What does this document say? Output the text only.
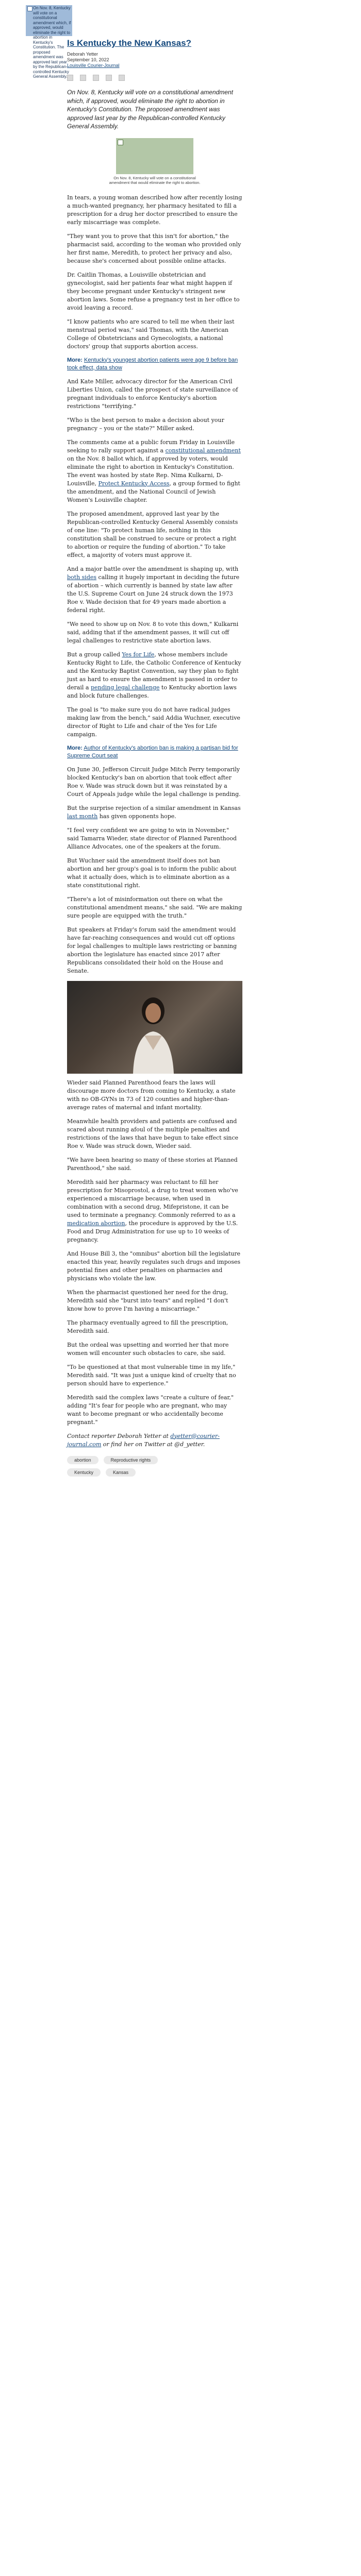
On Nov. 8, Kentucky will vote on a constitutional amendment which, if approved, would eliminate the right to abortion in Kentucky's Constitution. The proposed amendment was approved last year by the Republican-controlled Kentucky General Assembly.
Is Kentucky the New Kansas?
Deborah Yetter
September 10, 2022
Louisville Courier-Journal
On Nov. 8, Kentucky will vote on a constitutional amendment which, if approved, would eliminate the right to abortion in Kentucky's Constitution. The proposed amendment was approved last year by the Republican-controlled Kentucky General Assembly.
On Nov. 8, Kentucky will vote on a constitutional amendment that would eliminate the right to abortion.

In tears, a young woman described how after recently losing a much-wanted pregnancy, her pharmacy hesitated to fill a prescription for a drug her doctor prescribed to ensure the early miscarriage was complete.

"They want you to prove that this isn't for abortion," the pharmacist said, according to the woman who provided only her first name, Meredith, to protect her privacy and also, because she's concerned about possible online attacks.

Dr. Caitlin Thomas, a Louisville obstetrician and gynecologist, said her patients fear what might happen if they become pregnant under Kentucky's stringent new abortion laws. Some refuse a pregnancy test in her office to avoid leaving a record.

"I know patients who are scared to tell me when their last menstrual period was," said Thomas, with the American College of Obstetricians and Gynecologists, a national doctors' group that supports abortion access.

More: Kentucky's youngest abortion patients were age 9 before ban took effect, data show

And Kate Miller, advocacy director for the American Civil Liberties Union, called the prospect of state surveillance of pregnant individuals to enforce Kentucky's abortion restrictions "terrifying."

"Who is the best person to make a decision about your pregnancy – you or the state?" Miller asked.

The comments came at a public forum Friday in Louisville seeking to rally support against a constitutional amendment on the Nov. 8 ballot which, if approved by voters, would eliminate the right to abortion in Kentucky's Constitution. The event was hosted by state Rep. Nima Kulkarni, D-Louisville, Protect Kentucky Access, a group formed to fight the amendment, and the National Council of Jewish Women's Louisville chapter.

The proposed amendment, approved last year by the Republican-controlled Kentucky General Assembly consists of one line: "To protect human life, nothing in this constitution shall be construed to secure or protect a right to abortion or require the funding of abortion." To take effect, a majority of voters must approve it.

And a major battle over the amendment is shaping up, with both sides calling it hugely important in deciding the future of abortion – which currently is banned by state law after the U.S. Supreme Court on June 24 struck down the 1973 Roe v. Wade decision that for 49 years made abortion a federal right.

"We need to show up on Nov. 8 to vote this down," Kulkarni said, adding that if the amendment passes, it will cut off legal challenges to restrictive state abortion laws.

But a group called Yes for Life, whose members include Kentucky Right to Life, the Catholic Conference of Kentucky and the Kentucky Baptist Convention, say they plan to fight just as hard to ensure the amendment is passed in order to derail a pending legal challenge to Kentucky abortion laws and block future challenges.

The goal is "to make sure you do not have radical judges making law from the bench," said Addia Wuchner, executive director of Right to Life and chair of the Yes for Life campaign.

More: Author of Kentucky's abortion ban is making a partisan bid for Supreme Court seat

On June 30, Jefferson Circuit Judge Mitch Perry temporarily blocked Kentucky's ban on abortion that took effect after Roe v. Wade was struck down but it was reinstated by a Court of Appeals judge while the legal challenge is pending.

But the surprise rejection of a similar amendment in Kansas last month has given opponents hope.

"I feel very confident we are going to win in November," said Tamarra Wieder, state director of Planned Parenthood Alliance Advocates, one of the speakers at the forum.

But Wuchner said the amendment itself does not ban abortion and her group's goal is to inform the public about what it actually does, which is to eliminate abortion as a state constitutional right.

"There's a lot of misinformation out there on what the constitutional amendment means," she said. "We are making sure people are equipped with the truth."

But speakers at Friday's forum said the amendment would have far-reaching consequences and would cut off options for legal challenges to multiple laws restricting or banning abortion the legislature has enacted since 2017 after Republicans consolidated their hold on the House and Senate.

Wieder said Planned Parenthood fears the laws will discourage more doctors from coming to Kentucky, a state with no OB-GYNs in 73 of 120 counties and higher-than-average rates of maternal and infant mortality.

Meanwhile health providers and patients are confused and scared about running afoul of the multiple penalties and restrictions of the laws that have begun to take effect since Roe v. Wade was struck down, Wieder said.

"We have been hearing so many of these stories at Planned Parenthood," she said.

Meredith said her pharmacy was reluctant to fill her prescription for Misoprostol, a drug to treat women who've experienced a miscarriage because, when used in combination with a second drug, Mifepristone, it can be used to terminate a pregnancy. Commonly referred to as a medication abortion, the procedure is approved by the U.S. Food and Drug Administration for use up to 10 weeks of pregnancy.

And House Bill 3, the "omnibus" abortion bill the legislature enacted this year, heavily regulates such drugs and imposes potential fines and other penalties on pharmacies and physicians who violate the law.

When the pharmacist questioned her need for the drug, Meredith said she "burst into tears" and replied "I don't know how to prove I'm having a miscarriage."

The pharmacy eventually agreed to fill the prescription, Meredith said.

But the ordeal was upsetting and worried her that more women will encounter such obstacles to care, she said.

"To be questioned at that most vulnerable time in my life," Meredith said. "It was just a unique kind of cruelty that no person should have to experience."

Meredith said the complex laws "create a culture of fear," adding "It's fear for people who are pregnant, who may want to become pregnant or who accidentally become pregnant."

Contact reporter Deborah Yetter at dyetter@courier-journal.com or find her on Twitter at @d_yetter.
abortion	Reproductive rights
Kentucky	Kansas
